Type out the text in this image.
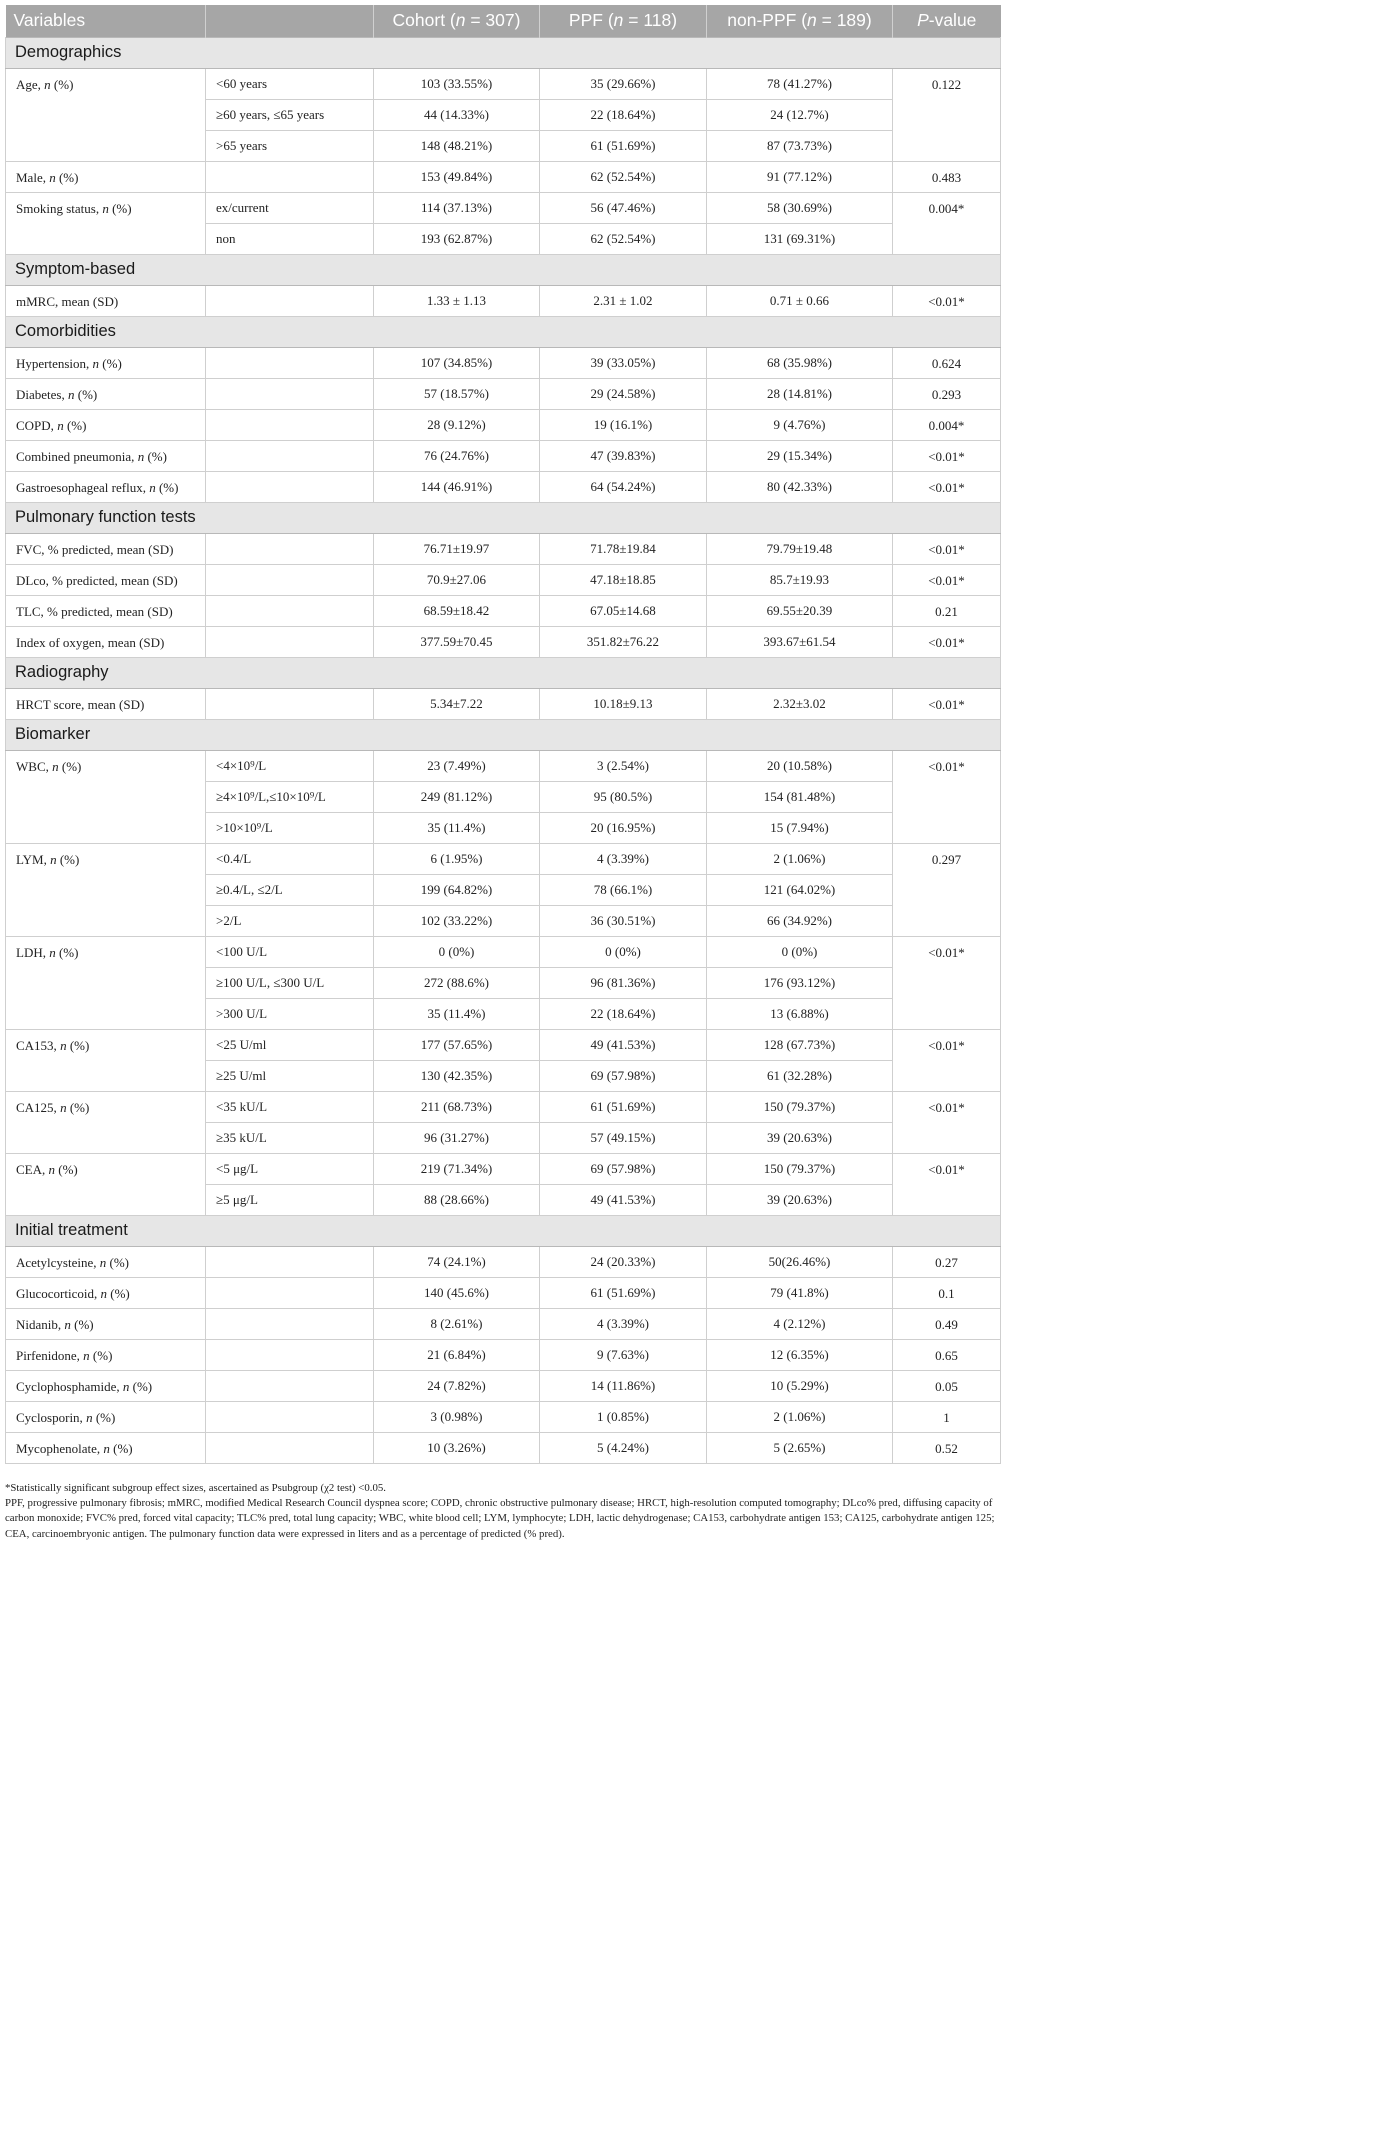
Variables		Cohort (n = 307)	PPF (n = 118)	non-PPF (n = 189)	P-value
Demographics					
Age, n (%)	<60 years	103 (33.55%)	35 (29.66%)	78 (41.27%)	0.122
	≥60 years, ≤65 years	44 (14.33%)	22 (18.64%)	24 (12.7%)	
	>65 years	148 (48.21%)	61 (51.69%)	87 (73.73%)	
Male, n (%)		153 (49.84%)	62 (52.54%)	91 (77.12%)	0.483
Smoking status, n (%)	ex/current	114 (37.13%)	56 (47.46%)	58 (30.69%)	0.004*
	non	193 (62.87%)	62 (52.54%)	131 (69.31%)	
Symptom-based					
mMRC, mean (SD)		1.33 ± 1.13	2.31 ± 1.02	0.71 ± 0.66	<0.01*
Comorbidities					
Hypertension, n (%)		107 (34.85%)	39 (33.05%)	68 (35.98%)	0.624
Diabetes, n (%)		57 (18.57%)	29 (24.58%)	28 (14.81%)	0.293
COPD, n (%)		28 (9.12%)	19 (16.1%)	9 (4.76%)	0.004*
Combined pneumonia, n (%)		76 (24.76%)	47 (39.83%)	29 (15.34%)	<0.01*
Gastroesophageal reflux, n (%)		144 (46.91%)	64 (54.24%)	80 (42.33%)	<0.01*
Pulmonary function tests					
FVC, % predicted, mean (SD)		76.71±19.97	71.78±19.84	79.79±19.48	<0.01*
DLco, % predicted, mean (SD)		70.9±27.06	47.18±18.85	85.7±19.93	<0.01*
TLC, % predicted, mean (SD)		68.59±18.42	67.05±14.68	69.55±20.39	0.21
Index of oxygen, mean (SD)		377.59±70.45	351.82±76.22	393.67±61.54	<0.01*
Radiography					
HRCT score, mean (SD)		5.34±7.22	10.18±9.13	2.32±3.02	<0.01*
Biomarker					
WBC, n (%)	<4×10⁹/L	23 (7.49%)	3 (2.54%)	20 (10.58%)	<0.01*
	≥4×10⁹/L,≤10×10⁹/L	249 (81.12%)	95 (80.5%)	154 (81.48%)	
	>10×10⁹/L	35 (11.4%)	20 (16.95%)	15 (7.94%)	
LYM, n (%)	<0.4/L	6 (1.95%)	4 (3.39%)	2 (1.06%)	0.297
	≥0.4/L, ≤2/L	199 (64.82%)	78 (66.1%)	121 (64.02%)	
	>2/L	102 (33.22%)	36 (30.51%)	66 (34.92%)	
LDH, n (%)	<100 U/L	0 (0%)	0 (0%)	0 (0%)	<0.01*
	≥100 U/L, ≤300 U/L	272 (88.6%)	96 (81.36%)	176 (93.12%)	
	>300 U/L	35 (11.4%)	22 (18.64%)	13 (6.88%)	
CA153, n (%)	<25 U/ml	177 (57.65%)	49 (41.53%)	128 (67.73%)	<0.01*
	≥25 U/ml	130 (42.35%)	69 (57.98%)	61 (32.28%)	
CA125, n (%)	<35 kU/L	211 (68.73%)	61 (51.69%)	150 (79.37%)	<0.01*
	≥35 kU/L	96 (31.27%)	57 (49.15%)	39 (20.63%)	
CEA, n (%)	<5 μg/L	219 (71.34%)	69 (57.98%)	150 (79.37%)	<0.01*
	≥5 μg/L	88 (28.66%)	49 (41.53%)	39 (20.63%)	
Initial treatment					
Acetylcysteine, n (%)		74 (24.1%)	24 (20.33%)	50(26.46%)	0.27
Glucocorticoid, n (%)		140 (45.6%)	61 (51.69%)	79 (41.8%)	0.1
Nidanib, n (%)		8 (2.61%)	4 (3.39%)	4 (2.12%)	0.49
Pirfenidone, n (%)		21 (6.84%)	9 (7.63%)	12 (6.35%)	0.65
Cyclophosphamide, n (%)		24 (7.82%)	14 (11.86%)	10 (5.29%)	0.05
Cyclosporin, n (%)		3 (0.98%)	1 (0.85%)	2 (1.06%)	1
Mycophenolate, n (%)		10 (3.26%)	5 (4.24%)	5 (2.65%)	0.52

*Statistically significant subgroup effect sizes, ascertained as Psubgroup (χ2 test) <0.05.

PPF, progressive pulmonary fibrosis; mMRC, modified Medical Research Council dyspnea score; COPD, chronic obstructive pulmonary disease; HRCT, high-resolution computed tomography; DLco% pred, diffusing capacity of carbon monoxide; FVC% pred, forced vital capacity; TLC% pred, total lung capacity; WBC, white blood cell; LYM, lymphocyte; LDH, lactic dehydrogenase; CA153, carbohydrate antigen 153; CA125, carbohydrate antigen 125; CEA, carcinoembryonic antigen. The pulmonary function data were expressed in liters and as a percentage of predicted (% pred).
